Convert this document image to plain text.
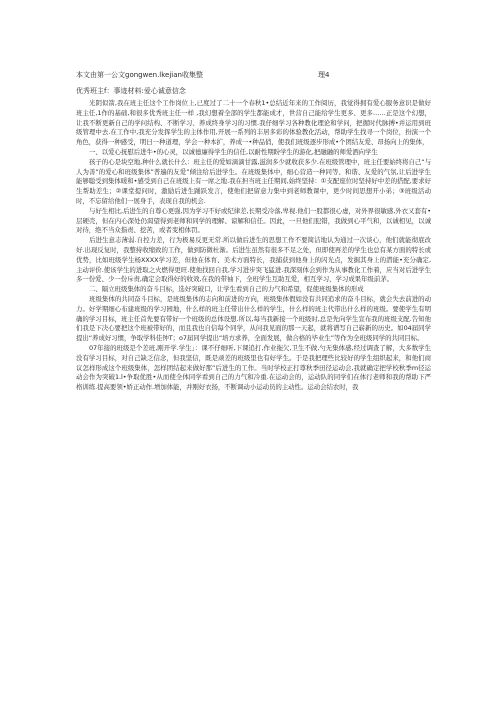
本文由第一公文gongwen.lkejian收集整	理4
优秀班主f：事迹材料:爱心诚意信念

光阴似箭,我在班主任这个工作岗位上,已度过了二十一个春秋1•总结近年来的工作阅历，我觉得拥有爱心服务意识是做好班主任,1作的基础,和很多优秀班主任一样 ,我幻想着全部的学生都能成才，世营自己能给学生更多、更多……正是这个幻想，让我不断更新自己的学问结构、不断学习、养成终身学习的习惯.我仔细学习各种教化理论和学问，把握时代脉搏•并运用到班级管理中去.在工作中,我充分发挥学生的主体作用,开展一系列的丰居多彩的体验教化活动，帮助学生找寻一个岗位，扮演一个角色，获得一种感受，明曰一种道理，学会一种本扩，养成一•种品俏，使我们班级逐步形成•个团结友爱、昂扬向上的集体，

一、以爱心抚慰后进牛•的心灵，以诚德廉得学生的信任,以耐性期盼学生的游化,把融融的师爱洒向学生

孩子的心是块空地,种什么就长什么：班主任的爱如滴滴甘露,滋润多少就收获多少.在班级管理中，班主任要始终将自己“与人为善”的爱心和班级集体”普遍的友爱”倾注给后进学生。在班级集体中，细心营造一种同等、和谐、友爱的气氛,让后进学生能够聪受到集体暖和•感受到自己在班级上有一席之地.我在担当班主任期间,始终坚持：①支配座位时坚持好中差的搭配,要求好生帮助差生；②课堂提问时，激励后进生踊跃发言，使他们把留意力集中到老师教课中，更少时间思想开小弟；③班级活动时，不忘留给他们一展身手，表现自我的机会.

与好生相比,后进生的自尊心更强,因为学习不好或纪律差,长期受冷落,卑视.他们一股都很心虚，对外界很敏感,外衣又套有•层硬壳，但在内心深处仍渴望得到老师和同学的理解、谅解和信任。因此，一旦他们犯错，我做到心平气和，以诚相见，以诚对待，绝不当众指责、挖苦，或者变相体罚。

后进生意志薄弱.自控力差，行为极易反更无常.所以做后进生的思想工作不要简洁地认为通过一次谈心，他们就能彻底改好.出现反复时，我整持收缩致的工作，做到防微杜渐。后进生虽然有很多不足之处，但即使再差的学生也总有某方面的特长或优势，比如班级学生杨XXXX学习差，但他在体育、美术方面特长，我捕获到他身上的闪光点，发掘其身上的潜能•充分确定,主动评价.使该学生的进取之火燃得更旺.使他找回自我,学习进步突飞猛进.我深刻体会到作为从事教化工作着，应当对后进学生多一份爱、少一份斥责,确定会取得好的收效,在我的带袖下，全班学生互助互爱，相互学习，学习成果年级前茅。

二、隔立班级集体的奋斗目标，选好突破口，让学生看到自己的力气和希望，促使班级集体的形成

班级集体的共同奋斗目标，是班级集体的志向和前进的方向，班级集体假如没有共同追求的奋斗目标，就会失去前进的动力。好学期细心布建班级的学习园地，什么样的班主任带出什么样的学生，什么样的班主代带出什么样的班级。要使学生有明确的学习目标，班主任首先要有带好一个班级的总体设想.所以,每当我新接一个班级时,总是先向学生宣布我的班级支配.告知他们我是下决心要把这个班被带好的，而且我也自信每个同学，从问我见面的那一天起，就将谱写自己崭新的历史。如04届同学提出“养成好习惯，争取学科佳钟T；o7届同学提出“培方求养，全面发展，做合格的毕业生”等作为全班级同学的共同目标。

07年接的班级是个差班,刚开学.学生」：课不仔细听,下课追打,作业拖欠,卫生不做,勺无集体感,经过调查了解，大多数学生没有学习目标，对自己缺乏信念，但我坚信，既是顽差的班级里也有好学生。于是我把理些比较好的学生组织起来，和他们商议怎样形成这个班级集体，怎样团结起来做好那”后进生的工作。当时学校正打尊秋季田径运动会,我就确定把学校秋季m径运动会作为突破1.l•争取优胜•从而使全体同学看到自己的力气和冷重.在运动会的，运动队的同学们在体行老师和我的帮助下严格训练.提高要领•娇正动作.增加体能，并刚好衣扬，不断调动小运动员的主动性。运动会结农时，我
